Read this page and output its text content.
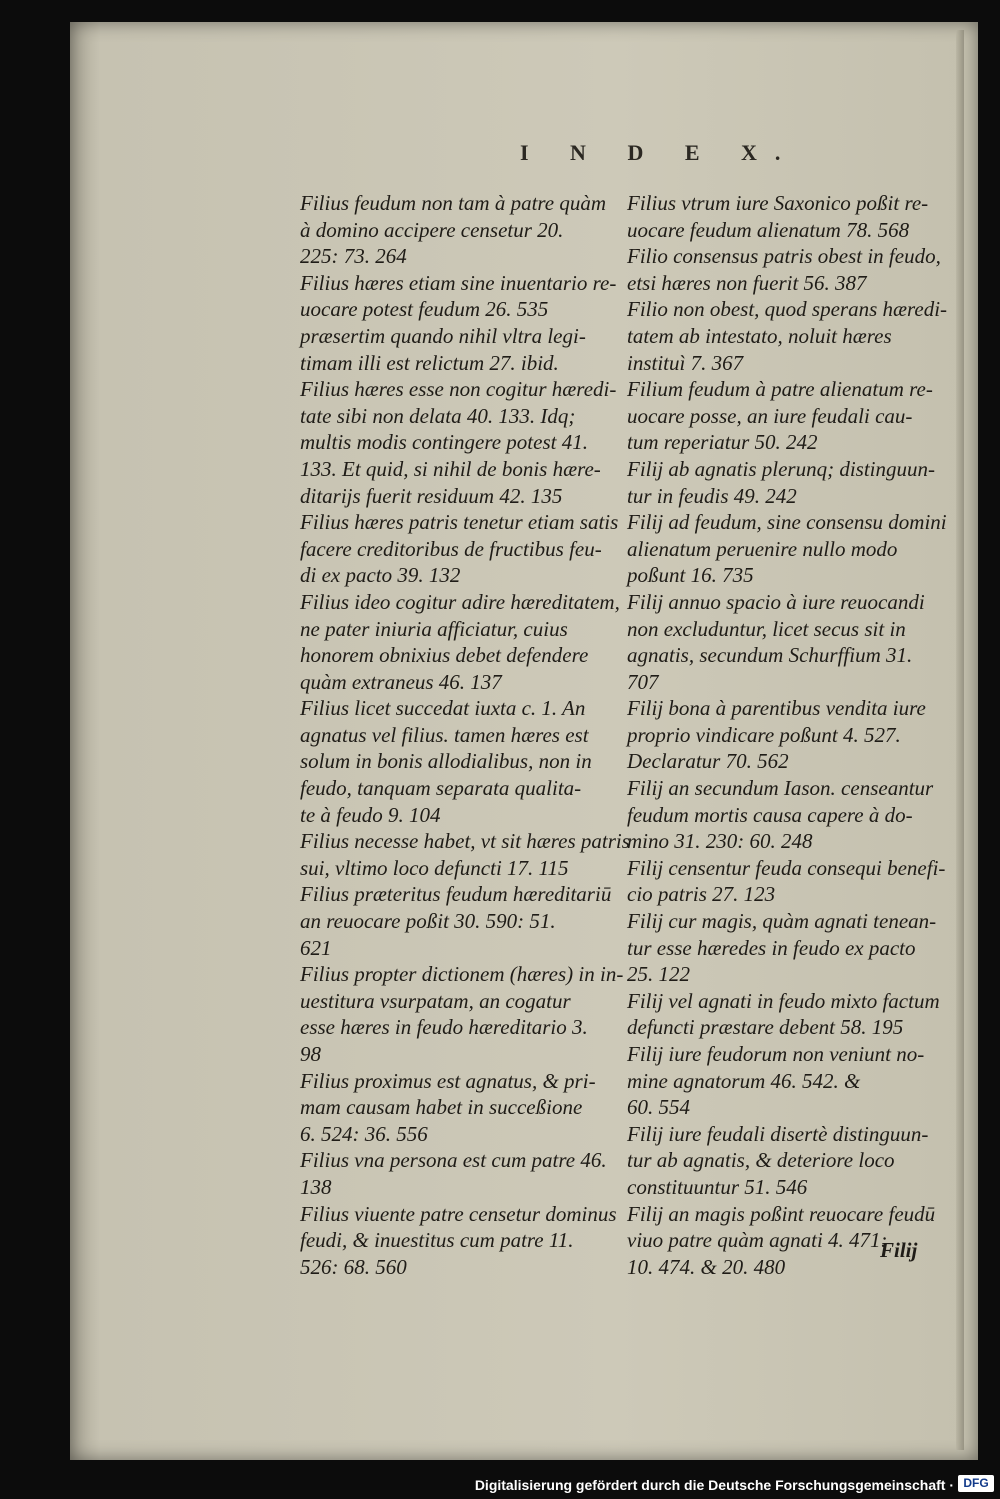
I N D E X.
Filius feudum non tam à patre quàm
à domino accipere censetur 20.
225: 73. 264
Filius hæres etiam sine inuentario re-
uocare potest feudum 26. 535
præsertim quando nihil vltra legi-
timam illi est relictum 27. ibid.
Filius hæres esse non cogitur hæredi-
tate sibi non delata 40. 133. Idq;
multis modis contingere potest 41.
133. Et quid, si nihil de bonis hære-
ditarijs fuerit residuum 42. 135
Filius hæres patris tenetur etiam satis
facere creditoribus de fructibus feu-
di ex pacto 39. 132
Filius ideo cogitur adire hæreditatem,
ne pater iniuria afficiatur, cuius
honorem obnixius debet defendere
quàm extraneus 46. 137
Filius licet succedat iuxta c. 1. An
agnatus vel filius. tamen hæres est
solum in bonis allodialibus, non in
feudo, tanquam separata qualita-
te à feudo 9. 104
Filius necesse habet, vt sit hæres patris
sui, vltimo loco defuncti 17. 115
Filius præteritus feudum hæreditariū
an reuocare poßit 30. 590: 51.
621
Filius propter dictionem (hæres) in in-
uestitura vsurpatam, an cogatur
esse hæres in feudo hæreditario 3.
98
Filius proximus est agnatus, & pri-
mam causam habet in succeßione
6. 524: 36. 556
Filius vna persona est cum patre 46.
138
Filius viuente patre censetur dominus
feudi, & inuestitus cum patre 11.
526: 68. 560
Filius vtrum iure Saxonico poßit re-
uocare feudum alienatum 78. 568
Filio consensus patris obest in feudo,
etsi hæres non fuerit 56. 387
Filio non obest, quod sperans hæredi-
tatem ab intestato, noluit hæres
instituì 7. 367
Filium feudum à patre alienatum re-
uocare posse, an iure feudali cau-
tum reperiatur 50. 242
Filij ab agnatis plerunq; distinguun-
tur in feudis 49. 242
Filij ad feudum, sine consensu domini
alienatum peruenire nullo modo
poßunt 16. 735
Filij annuo spacio à iure reuocandi
non excluduntur, licet secus sit in
agnatis, secundum Schurffium 31.
707
Filij bona à parentibus vendita iure
proprio vindicare poßunt 4. 527.
Declaratur 70. 562
Filij an secundum Iason. censeantur
feudum mortis causa capere à do-
mino 31. 230: 60. 248
Filij censentur feuda consequi benefi-
cio patris 27. 123
Filij cur magis, quàm agnati tenean-
tur esse hæredes in feudo ex pacto
25. 122
Filij vel agnati in feudo mixto factum
defuncti præstare debent 58. 195
Filij iure feudorum non veniunt no-
mine agnatorum 46. 542. &
60. 554
Filij iure feudali disertè distinguun-
tur ab agnatis, & deteriore loco
constituuntur 51. 546
Filij an magis poßint reuocare feudū
viuo patre quàm agnati 4. 471:
10. 474. & 20. 480
Filij
Digitalisierung gefördert durch die Deutsche Forschungsgemeinschaft · DFG
